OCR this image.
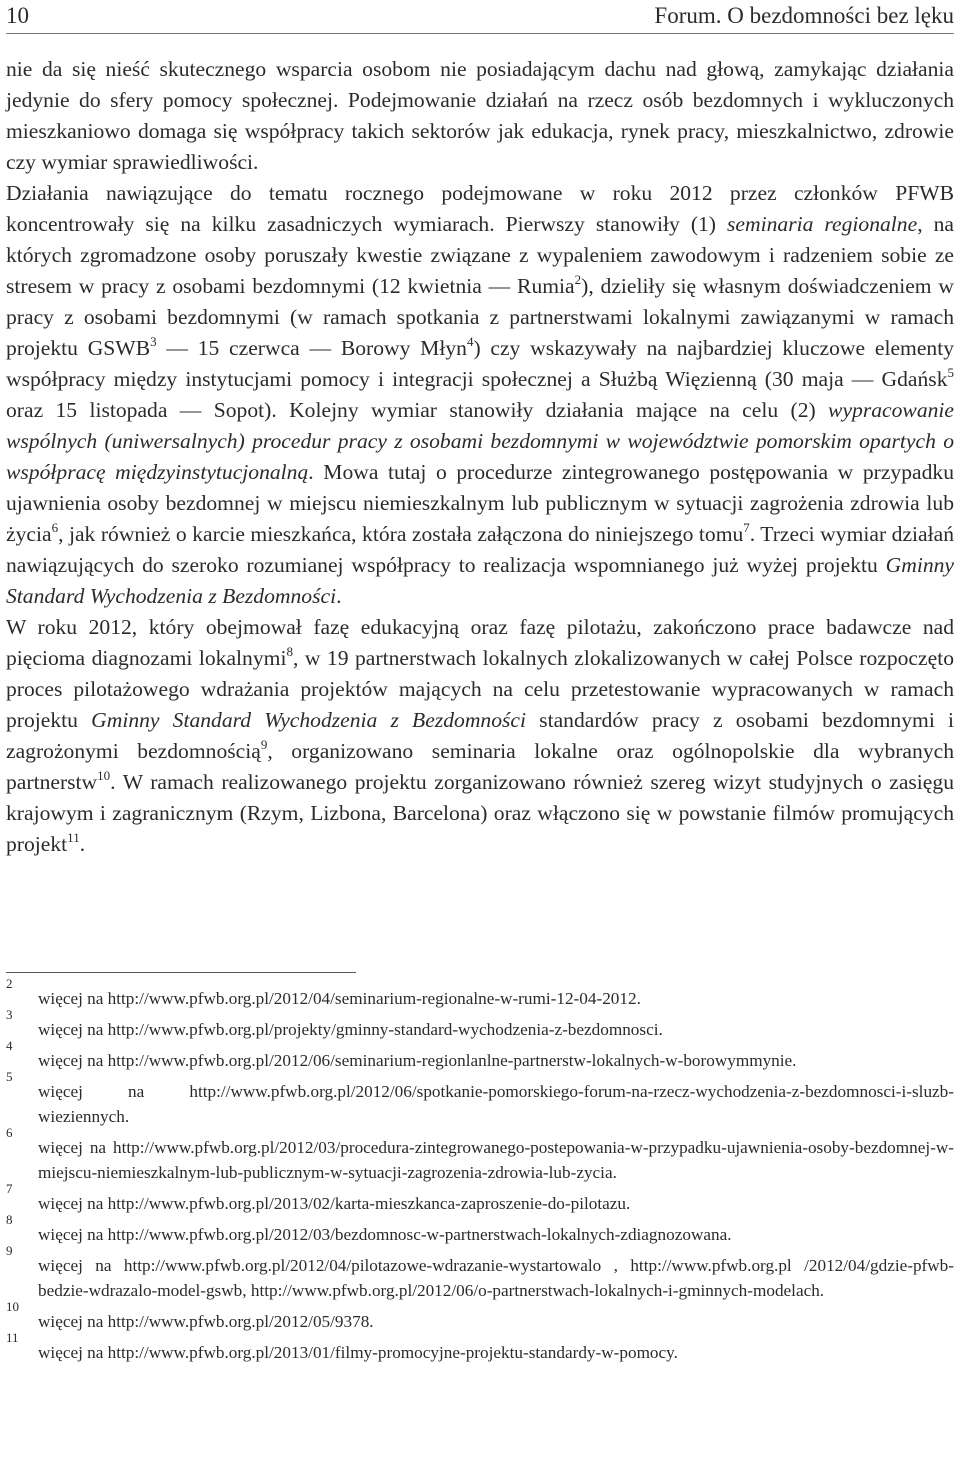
10	Forum. O bezdomności bez lęku

nie da się nieść skutecznego wsparcia osobom nie posiadającym dachu nad głową, zamykając działania jedynie do sfery pomocy społecznej. Podejmowanie działań na rzecz osób bezdomnych i wykluczonych mieszkaniowo domaga się współpracy takich sektorów jak edukacja, rynek pracy, mieszkalnictwo, zdrowie czy wymiar sprawiedliwości.

Działania nawiązujące do tematu rocznego podejmowane w roku 2012 przez członków PFWB koncentrowały się na kilku zasadniczych wymiarach. Pierwszy stanowiły (1) seminaria regionalne, na których zgromadzone osoby poruszały kwestie związane z wypaleniem zawodowym i radzeniem sobie ze stresem w pracy z osobami bezdomnymi (12 kwietnia — Rumia$^2$), dzieliły się własnym doświadczeniem w pracy z osobami bezdomnymi (w ramach spotkania z partnerstwami lokalnymi zawiązanymi w ramach projektu GSWB$^3$ — 15 czerwca — Borowy Młyn$^4$) czy wskazywały na najbardziej kluczowe elementy współpracy między instytucjami pomocy i integracji społecznej a Służbą Więzienną (30 maja — Gdańsk$^5$ oraz 15 listopada — Sopot). Kolejny wymiar stanowiły działania mające na celu (2) wypracowanie wspólnych (uniwersalnych) procedur pracy z osobami bezdomnymi w województwie pomorskim opartych o współpracę międzyinstytucjonalną. Mowa tutaj o procedurze zintegrowanego postępowania w przypadku ujawnienia osoby bezdomnej w miejscu niemieszkalnym lub publicznym w sytuacji zagrożenia zdrowia lub życia$^6$, jak również o karcie mieszkańca, która została załączona do niniejszego tomu$^7$. Trzeci wymiar działań nawiązujących do szeroko rozumianej współpracy to realizacja wspomnianego już wyżej projektu Gminny Standard Wychodzenia z Bezdomności.

W roku 2012, który obejmował fazę edukacyjną oraz fazę pilotażu, zakończono prace badawcze nad pięcioma diagnozami lokalnymi$^8$, w 19 partnerstwach lokalnych zlokalizowanych w całej Polsce rozpoczęto proces pilotażowego wdrażania projektów mających na celu przetestowanie wypracowanych w ramach projektu Gminny Standard Wychodzenia z Bezdomności standardów pracy z osobami bezdomnymi i zagrożonymi bezdomnością$^9$, organizowano seminaria lokalne oraz ogólnopolskie dla wybranych partnerstw$^{10}$. W ramach realizowanego projektu zorganizowano również szereg wizyt studyjnych o zasięgu krajowym i zagranicznym (Rzym, Lizbona, Barcelona) oraz włączono się w powstanie filmów promujących projekt$^{11}$.

2
więcej na http://www.pfwb.org.pl/2012/04/seminarium-regionalne-w-rumi-12-04-2012.
3
więcej na http://www.pfwb.org.pl/projekty/gminny-standard-wychodzenia-z-bezdomnosci.
4
więcej na http://www.pfwb.org.pl/2012/06/seminarium-regionlanlne-partnerstw-lokalnych-w-borowymmynie.
5
więcej na http://www.pfwb.org.pl/2012/06/spotkanie-pomorskiego-forum-na-rzecz-wychodzenia-z-bezdomnosci-i-sluzb-wieziennych.
6
więcej na http://www.pfwb.org.pl/2012/03/procedura-zintegrowanego-postepowania-w-przypadku-ujawnienia-osoby-bezdomnej-w-miejscu-niemieszkalnym-lub-publicznym-w-sytuacji-zagrozenia-zdrowia-lub-zycia.
7
więcej na http://www.pfwb.org.pl/2013/02/karta-mieszkanca-zaproszenie-do-pilotazu.
8
więcej na http://www.pfwb.org.pl/2012/03/bezdomnosc-w-partnerstwach-lokalnych-zdiagnozowana.
9
więcej na http://www.pfwb.org.pl/2012/04/pilotazowe-wdrazanie-wystartowalo , http://www.pfwb.org.pl /2012/04/gdzie-pfwb-bedzie-wdrazalo-model-gswb, http://www.pfwb.org.pl/2012/06/o-partnerstwach-lokalnych-i-gminnych-modelach.
10
więcej na http://www.pfwb.org.pl/2012/05/9378.
11
więcej na http://www.pfwb.org.pl/2013/01/filmy-promocyjne-projektu-standardy-w-pomocy.
